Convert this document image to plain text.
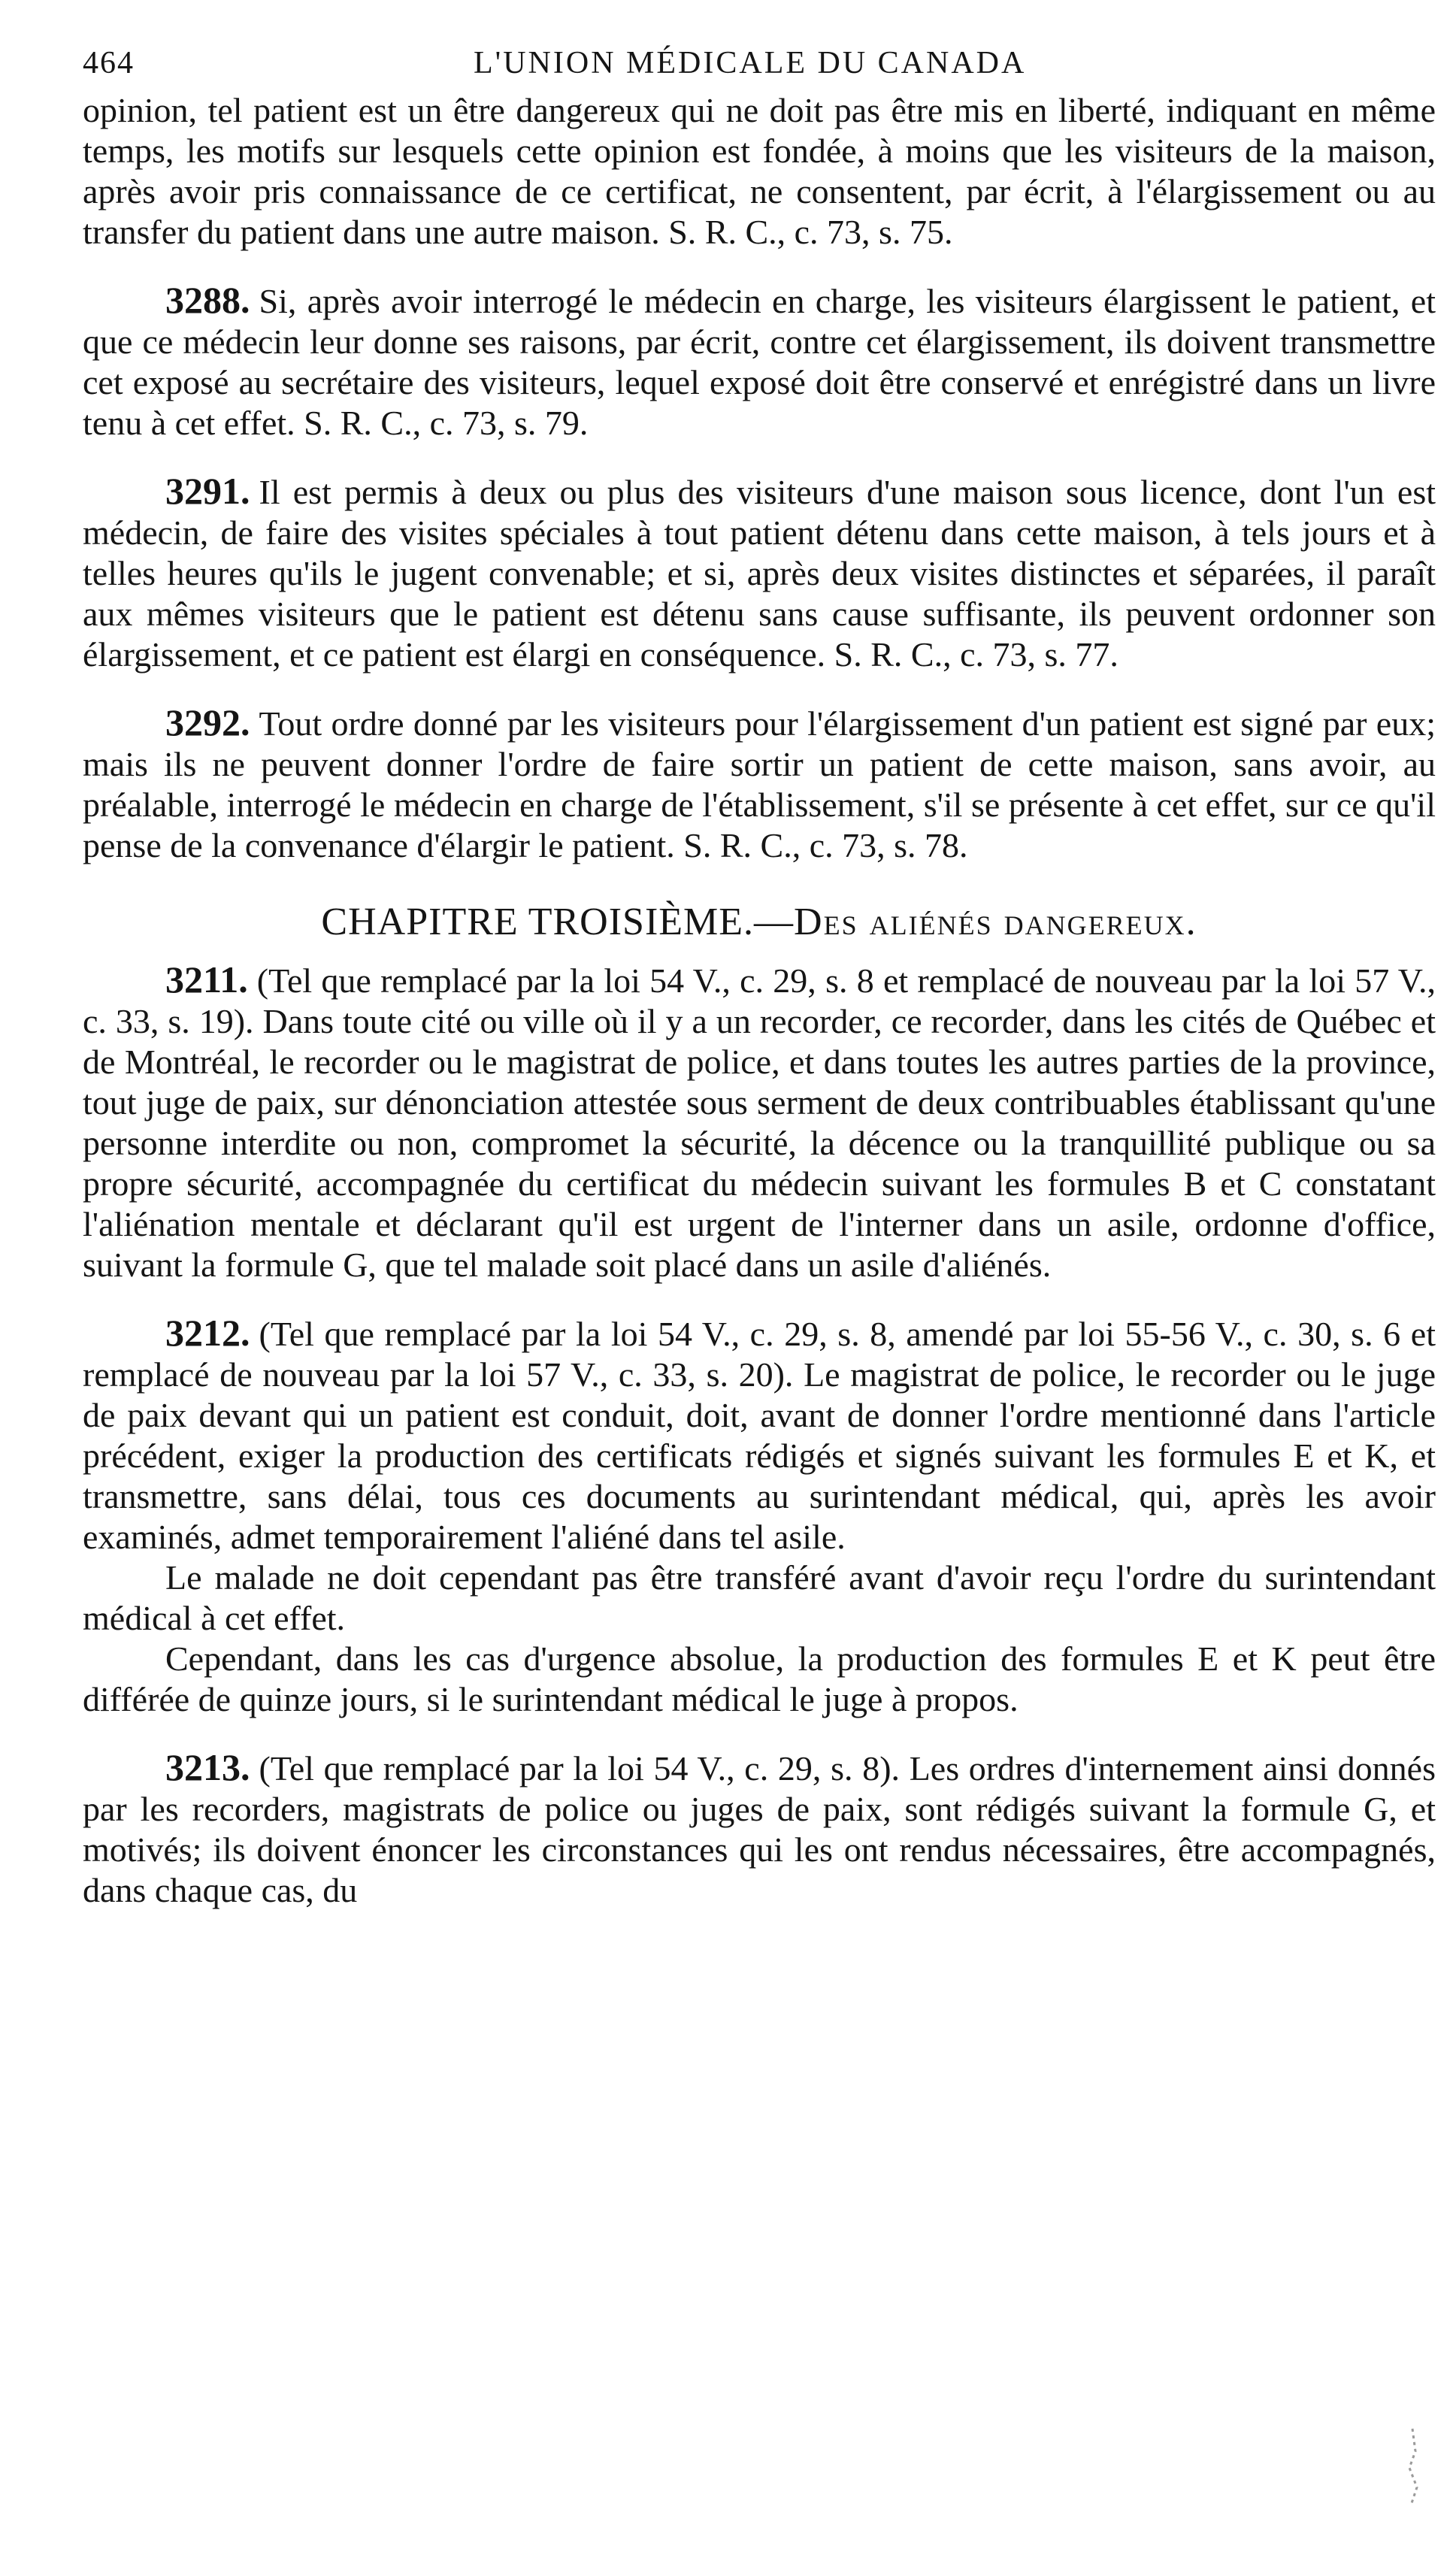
464	L'UNION MÉDICALE DU CANADA

opinion, tel patient est un être dangereux qui ne doit pas être mis en liberté, indiquant en même temps, les motifs sur lesquels cette opinion est fondée, à moins que les visiteurs de la maison, après avoir pris connaissance de ce certificat, ne consentent, par écrit, à l'élargissement ou au transfer du patient dans une autre maison. S. R. C., c. 73, s. 75.

3288. Si, après avoir interrogé le médecin en charge, les visiteurs élargissent le patient, et que ce médecin leur donne ses raisons, par écrit, contre cet élargissement, ils doivent transmettre cet exposé au secrétaire des visiteurs, lequel exposé doit être conservé et enrégistré dans un livre tenu à cet effet. S. R. C., c. 73, s. 79.

3291. Il est permis à deux ou plus des visiteurs d'une maison sous licence, dont l'un est médecin, de faire des visites spéciales à tout patient détenu dans cette maison, à tels jours et à telles heures qu'ils le jugent convenable; et si, après deux visites distinctes et séparées, il paraît aux mêmes visiteurs que le patient est détenu sans cause suffisante, ils peuvent ordonner son élargissement, et ce patient est élargi en conséquence. S. R. C., c. 73, s. 77.

3292. Tout ordre donné par les visiteurs pour l'élargissement d'un patient est signé par eux; mais ils ne peuvent donner l'ordre de faire sortir un patient de cette maison, sans avoir, au préalable, interrogé le médecin en charge de l'établissement, s'il se présente à cet effet, sur ce qu'il pense de la convenance d'élargir le patient. S. R. C., c. 73, s. 78.

CHAPITRE TROISIÈME.—Des aliénés dangereux.

3211. (Tel que remplacé par la loi 54 V., c. 29, s. 8 et remplacé de nouveau par la loi 57 V., c. 33, s. 19). Dans toute cité ou ville où il y a un recorder, ce recorder, dans les cités de Québec et de Montréal, le recorder ou le magistrat de police, et dans toutes les autres parties de la province, tout juge de paix, sur dénonciation attestée sous serment de deux contribuables établissant qu'une personne interdite ou non, compromet la sécurité, la décence ou la tranquillité publique ou sa propre sécurité, accompagnée du certificat du médecin suivant les formules B et C constatant l'aliénation mentale et déclarant qu'il est urgent de l'interner dans un asile, ordonne d'office, suivant la formule G, que tel malade soit placé dans un asile d'aliénés.

3212. (Tel que remplacé par la loi 54 V., c. 29, s. 8, amendé par loi 55-56 V., c. 30, s. 6 et remplacé de nouveau par la loi 57 V., c. 33, s. 20). Le magistrat de police, le recorder ou le juge de paix devant qui un patient est conduit, doit, avant de donner l'ordre mentionné dans l'article précédent, exiger la production des certificats rédigés et signés suivant les formules E et K, et transmettre, sans délai, tous ces documents au surintendant médical, qui, après les avoir examinés, admet temporairement l'aliéné dans tel asile.

Le malade ne doit cependant pas être transféré avant d'avoir reçu l'ordre du surintendant médical à cet effet.

Cependant, dans les cas d'urgence absolue, la production des formules E et K peut être différée de quinze jours, si le surintendant médical le juge à propos.

3213. (Tel que remplacé par la loi 54 V., c. 29, s. 8). Les ordres d'internement ainsi donnés par les recorders, magistrats de police ou juges de paix, sont rédigés suivant la formule G, et motivés; ils doivent énoncer les circonstances qui les ont rendus nécessaires, être accompagnés, dans chaque cas, du
